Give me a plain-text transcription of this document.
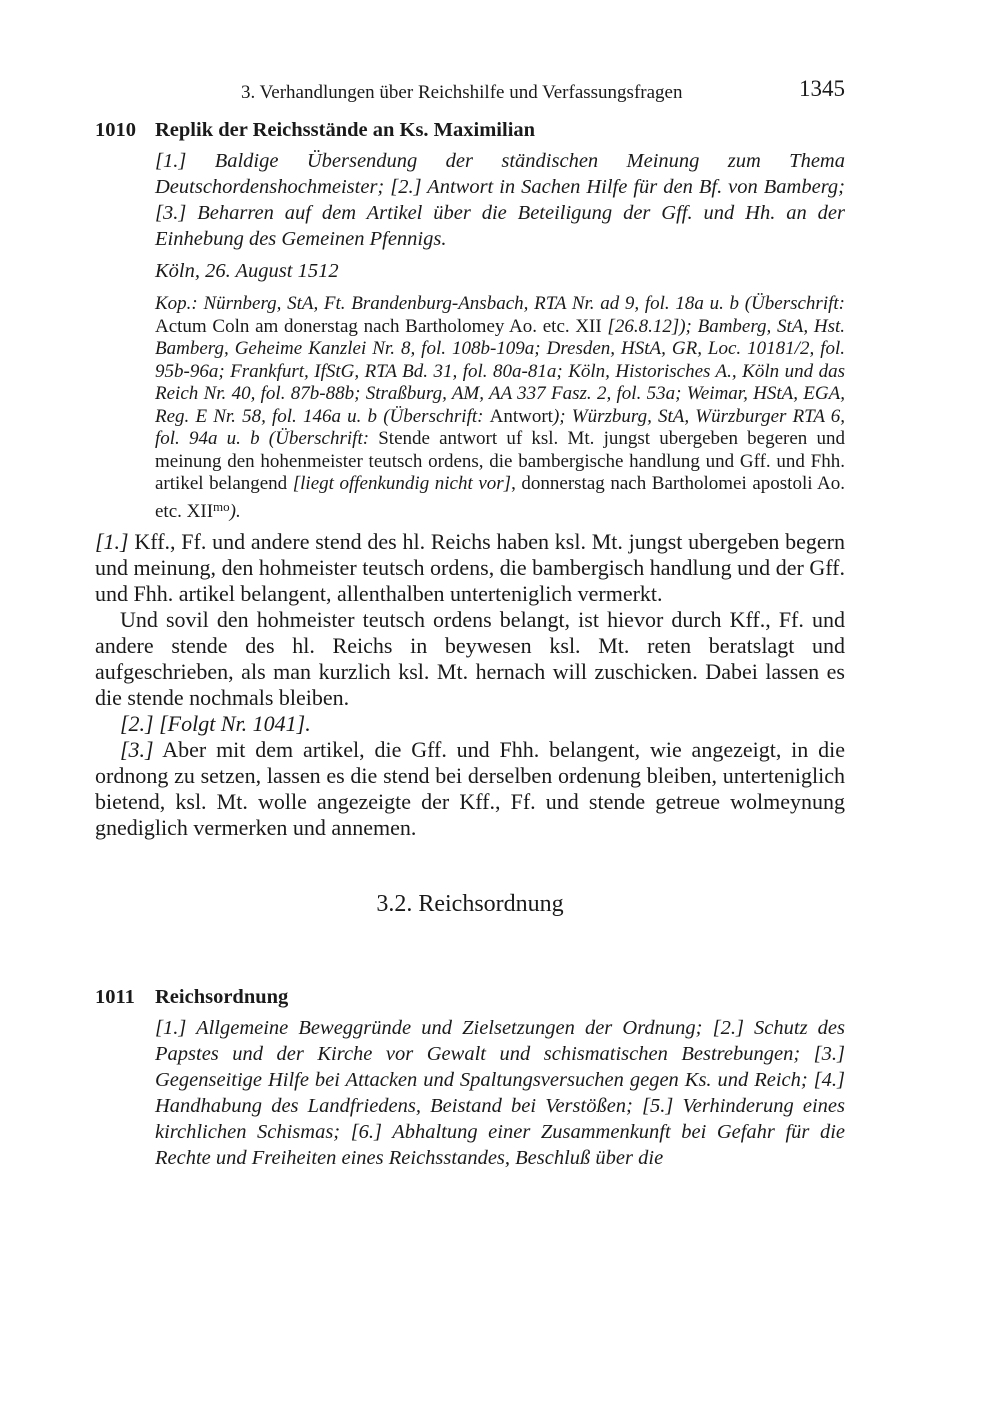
3. Verhandlungen über Reichshilfe und Verfassungsfragen	1345

1010 Replik der Reichsstände an Ks. Maximilian

[1.] Baldige Übersendung der ständischen Meinung zum Thema Deutschordenshochmeister; [2.] Antwort in Sachen Hilfe für den Bf. von Bamberg; [3.] Beharren auf dem Artikel über die Beteiligung der Gff. und Hh. an der Einhebung des Gemeinen Pfennigs.

Köln, 26. August 1512

Kop.: Nürnberg, StA, Ft. Brandenburg-Ansbach, RTA Nr. ad 9, fol. 18a u. b (Überschrift: Actum Coln am donerstag nach Bartholomey Ao. etc. XII [26.8.12]); Bamberg, StA, Hst. Bamberg, Geheime Kanzlei Nr. 8, fol. 108b-109a; Dresden, HStA, GR, Loc. 10181/2, fol. 95b-96a; Frankfurt, IfStG, RTA Bd. 31, fol. 80a-81a; Köln, Historisches A., Köln und das Reich Nr. 40, fol. 87b-88b; Straßburg, AM, AA 337 Fasz. 2, fol. 53a; Weimar, HStA, EGA, Reg. E Nr. 58, fol. 146a u. b (Überschrift: Antwort); Würzburg, StA, Würzburger RTA 6, fol. 94a u. b (Überschrift: Stende antwort uf ksl. Mt. jungst ubergeben begeren und meinung den hohenmeister teutsch ordens, die bambergische handlung und Gff. und Fhh. artikel belangend [liegt offenkundig nicht vor], donnerstag nach Bartholomei apostoli Ao. etc. $XII^{mo}$).

[1.] Kff., Ff. und andere stend des hl. Reichs haben ksl. Mt. jungst ubergeben begern und meinung, den hohmeister teutsch ordens, die bambergisch handlung und der Gff. und Fhh. artikel belangent, allenthalben unterteniglich vermerkt.

Und sovil den hohmeister teutsch ordens belangt, ist hievor durch Kff., Ff. und andere stende des hl. Reichs in beywesen ksl. Mt. reten beratslagt und aufgeschrieben, als man kurzlich ksl. Mt. hernach will zuschicken. Dabei lassen es die stende nochmals bleiben.

[2.] [Folgt Nr. 1041].

[3.] Aber mit dem artikel, die Gff. und Fhh. belangent, wie angezeigt, in die ordnong zu setzen, lassen es die stend bei derselben ordenung bleiben, unterteniglich bietend, ksl. Mt. wolle angezeigte der Kff., Ff. und stende getreue wolmeynung gnediglich vermerken und annemen.

3.2. Reichsordnung

1011 Reichsordnung

[1.] Allgemeine Beweggründe und Zielsetzungen der Ordnung; [2.] Schutz des Papstes und der Kirche vor Gewalt und schismatischen Bestrebungen; [3.] Gegenseitige Hilfe bei Attacken und Spaltungsversuchen gegen Ks. und Reich; [4.] Handhabung des Landfriedens, Beistand bei Verstößen; [5.] Verhinderung eines kirchlichen Schismas; [6.] Abhaltung einer Zusammenkunft bei Gefahr für die Rechte und Freiheiten eines Reichsstandes, Beschluß über die
